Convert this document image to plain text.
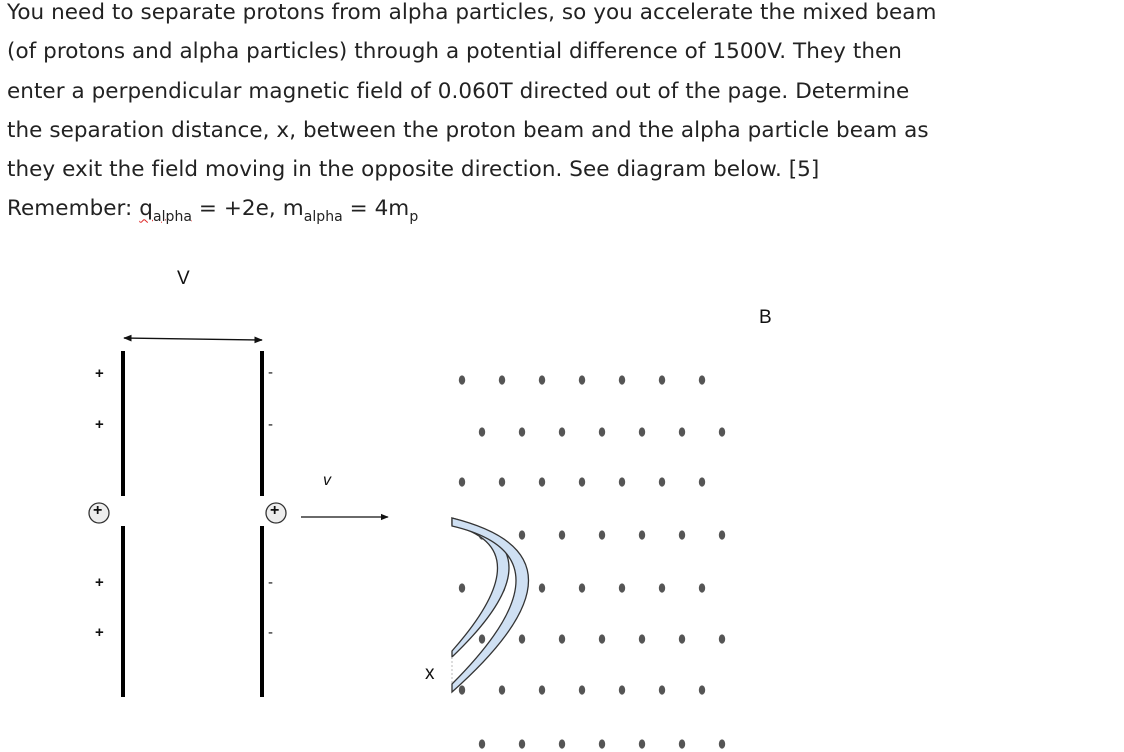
You need to separate protons from alpha particles, so you accelerate the mixed beam
(of protons and alpha particles) through a potential difference of 1500V. They then
enter a perpendicular magnetic field of 0.060T directed out of the page. Determine
the separation distance, x, between the proton beam and the alpha particle beam as
they exit the field moving in the opposite direction. See diagram below. [5]
Remember: $q_{alpha} = +2e$, $m_{alpha} = 4m_p$
V
B
v
x
+
+
+
+
-
-
-
-
+	+
